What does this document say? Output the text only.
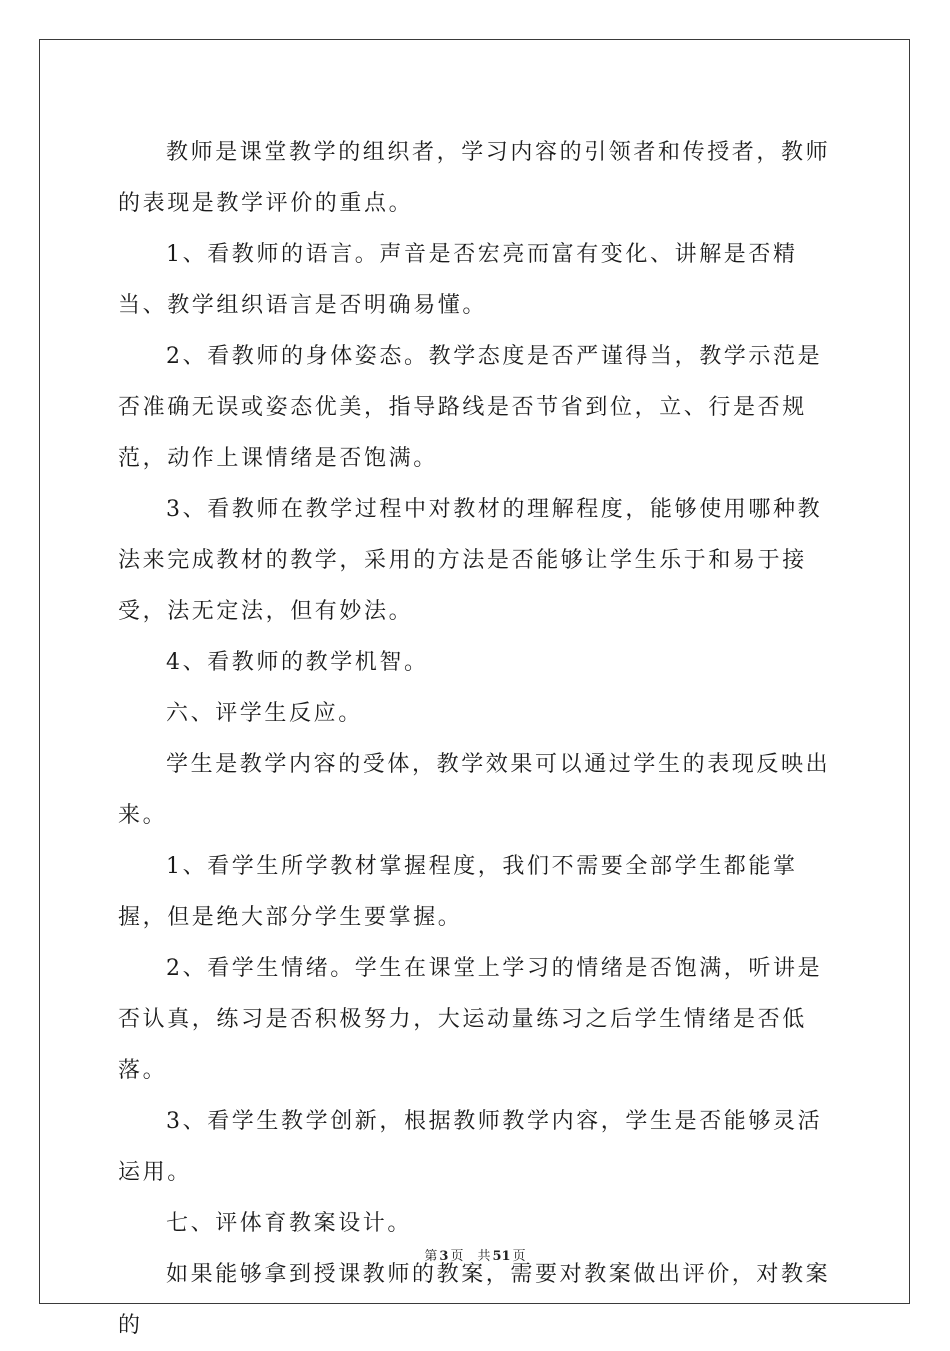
教师是课堂教学的组织者，学习内容的引领者和传授者，教师的表现是教学评价的重点。

1、看教师的语言。声音是否宏亮而富有变化、讲解是否精当、教学组织语言是否明确易懂。

2、看教师的身体姿态。教学态度是否严谨得当，教学示范是否准确无误或姿态优美，指导路线是否节省到位，立、行是否规范，动作上课情绪是否饱满。

3、看教师在教学过程中对教材的理解程度，能够使用哪种教法来完成教材的教学，采用的方法是否能够让学生乐于和易于接受，法无定法，但有妙法。

4、看教师的教学机智。

六、评学生反应。

学生是教学内容的受体，教学效果可以通过学生的表现反映出来。

1、看学生所学教材掌握程度，我们不需要全部学生都能掌握，但是绝大部分学生要掌握。

2、看学生情绪。学生在课堂上学习的情绪是否饱满，听讲是否认真，练习是否积极努力，大运动量练习之后学生情绪是否低落。

3、看学生教学创新，根据教师教学内容，学生是否能够灵活运用。

七、评体育教案设计。

如果能够拿到授课教师的教案，需要对教案做出评价，对教案的

第 3 页 共 51 页
